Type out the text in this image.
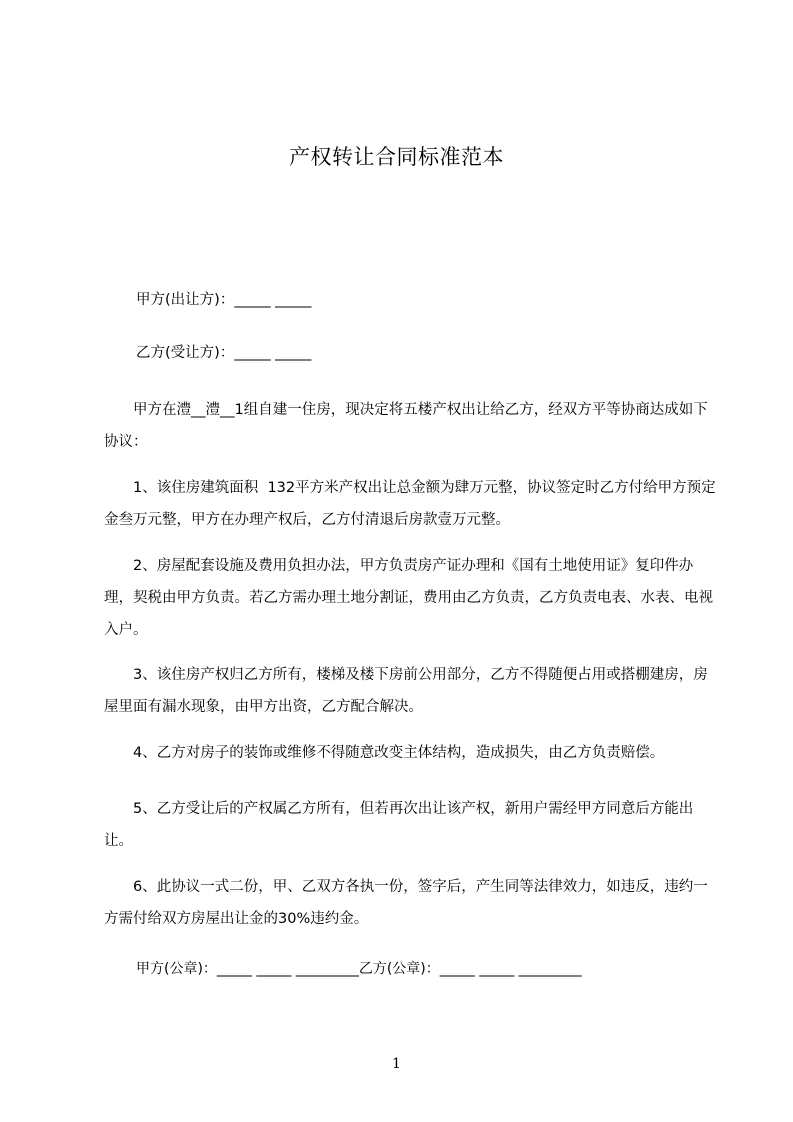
产权转让合同标准范本
甲方(出让方)：_____ _____
乙方(受让方)：_____ _____
　　甲方在澧__澧__1组自建一住房，现决定将五楼产权出让给乙方，经双方平等协商达成如下协议：
　　1、该住房建筑面积  132平方米产权出让总金额为肆万元整，协议签定时乙方付给甲方预定金叁万元整，甲方在办理产权后，乙方付清退后房款壹万元整。
　　2、房屋配套设施及费用负担办法，甲方负责房产证办理和《国有土地使用证》复印件办理，契税由甲方负责。若乙方需办理土地分割证，费用由乙方负责，乙方负责电表、水表、电视入户。
　　3、该住房产权归乙方所有，楼梯及楼下房前公用部分，乙方不得随便占用或搭棚建房，房屋里面有漏水现象，由甲方出资，乙方配合解决。
　　4、乙方对房子的装饰或维修不得随意改变主体结构，造成损失，由乙方负责赔偿。
　　5、乙方受让后的产权属乙方所有，但若再次出让该产权，新用户需经甲方同意后方能出让。
　　6、此协议一式二份，甲、乙双方各执一份，签字后，产生同等法律效力，如违反，违约一方需付给双方房屋出让金的30%违约金。
甲方(公章)：_____ _____ _________乙方(公章)：_____ _____ _________
1
